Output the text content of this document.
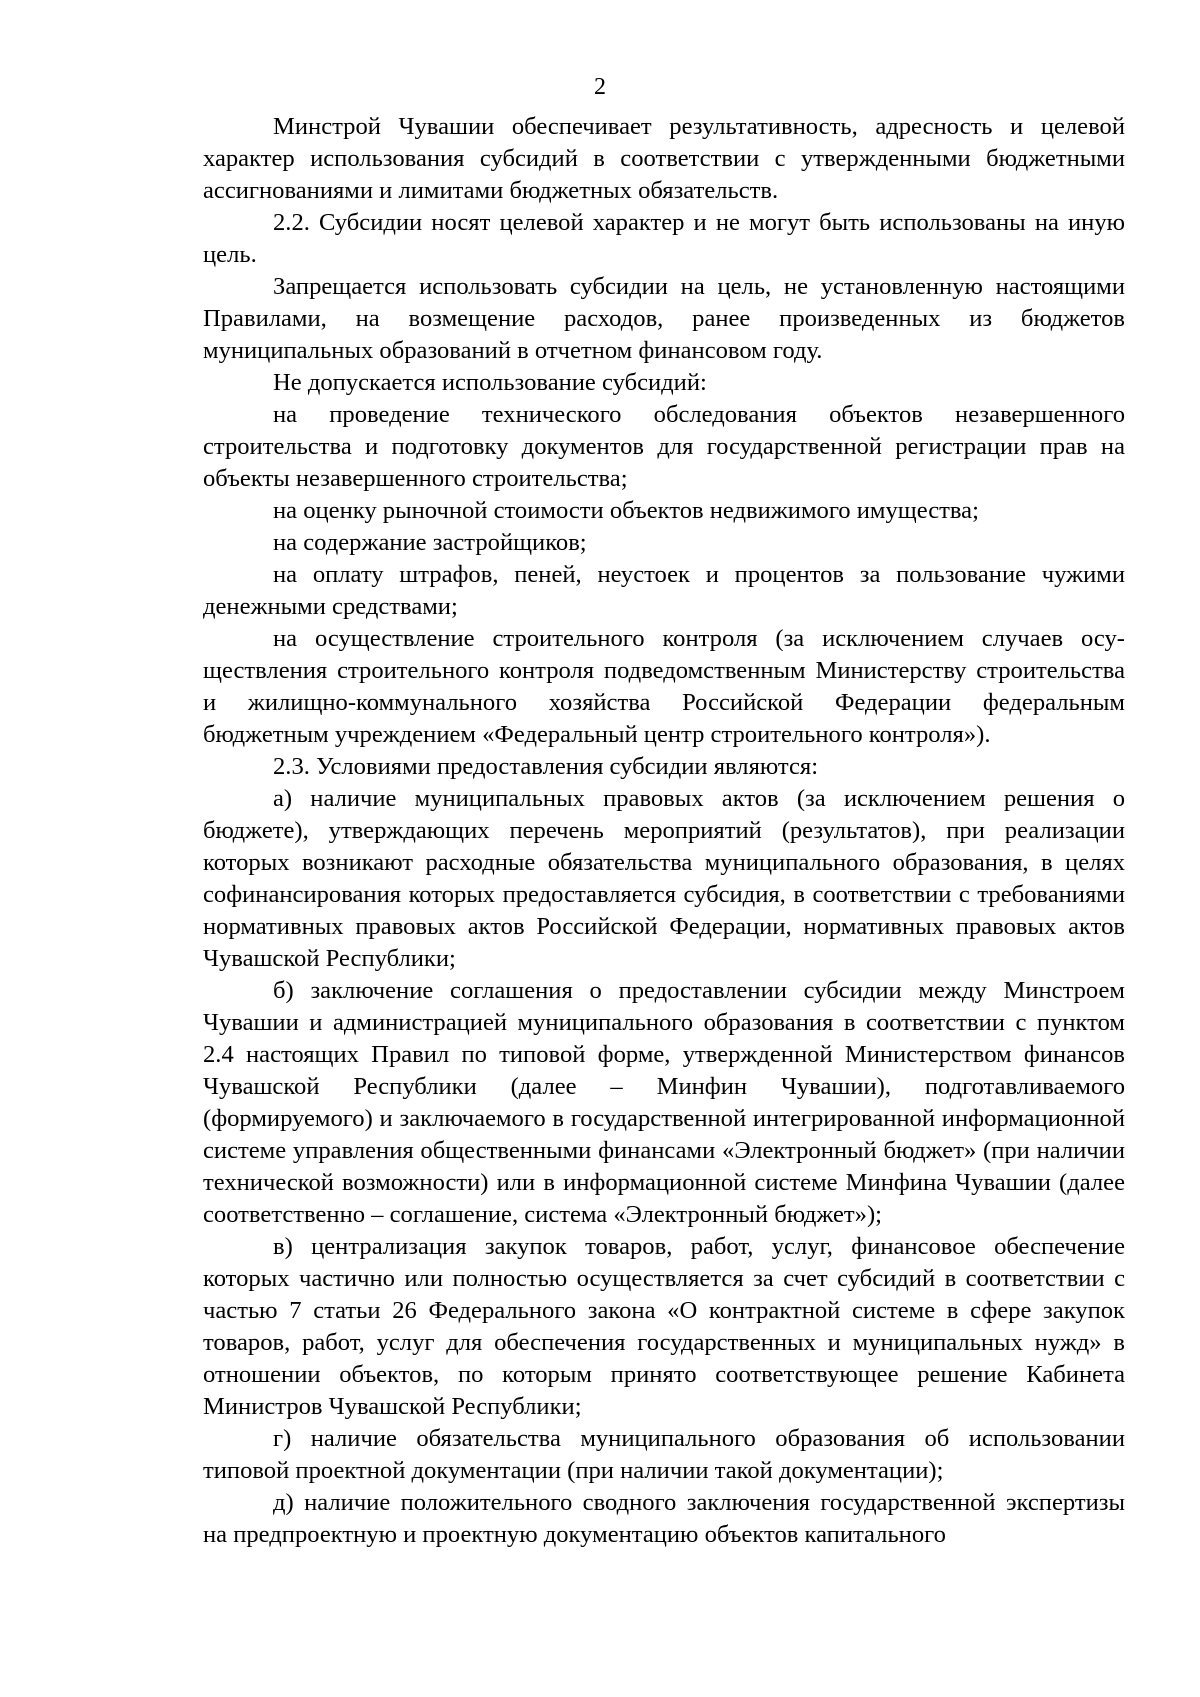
2

Минстрой Чувашии обеспечивает результативность, адресность и целевой характер использования субсидий в соответствии с утвержденными бюджетными ассигнованиями и лимитами бюджетных обязательств.

2.2. Субсидии носят целевой характер и не могут быть использованы на иную цель.

Запрещается использовать субсидии на цель, не установленную настоящими Правилами, на возмещение расходов, ранее произведенных из бюджетов муниципальных образований в отчетном финансовом году.

Не допускается использование субсидий:

на проведение технического обследования объектов незавершенного строительства и подготовку документов для государственной регистрации прав на объекты незавершенного строительства;

на оценку рыночной стоимости объектов недвижимого имущества;

на содержание застройщиков;

на оплату штрафов, пеней, неустоек и процентов за пользование чужими денежными средствами;

на осуществление строительного контроля (за исключением случаев осуществления строительного контроля подведомственным Министерству строительства и жилищно-коммунального хозяйства Российской Федерации федеральным бюджетным учреждением «Федеральный центр строительного контроля»).

2.3. Условиями предоставления субсидии являются:

а) наличие муниципальных правовых актов (за исключением решения о бюджете), утверждающих перечень мероприятий (результатов), при реализации которых возникают расходные обязательства муниципального образования, в целях софинансирования которых предоставляется субсидия, в соответствии с требованиями нормативных правовых актов Российской Федерации, нормативных правовых актов Чувашской Республики;

б) заключение соглашения о предоставлении субсидии между Минстроем Чувашии и администрацией муниципального образования в соответствии с пунктом 2.4 настоящих Правил по типовой форме, утвержденной Министерством финансов Чувашской Республики (далее – Минфин Чувашии), подготавливаемого (формируемого) и заключаемого в государственной интегрированной информационной системе управления общественными финансами «Электронный бюджет» (при наличии технической возможности) или в информационной системе Минфина Чувашии (далее соответственно – соглашение, система «Электронный бюджет»);

в) централизация закупок товаров, работ, услуг, финансовое обеспечение которых частично или полностью осуществляется за счет субсидий в соответствии с частью 7 статьи 26 Федерального закона «О контрактной системе в сфере закупок товаров, работ, услуг для обеспечения государственных и муниципальных нужд» в отношении объектов, по которым принято соответствующее решение Кабинета Министров Чувашской Республики;

г) наличие обязательства муниципального образования об использовании типовой проектной документации (при наличии такой документации);

д) наличие положительного сводного заключения государственной экспертизы на предпроектную и проектную документацию объектов капитального
